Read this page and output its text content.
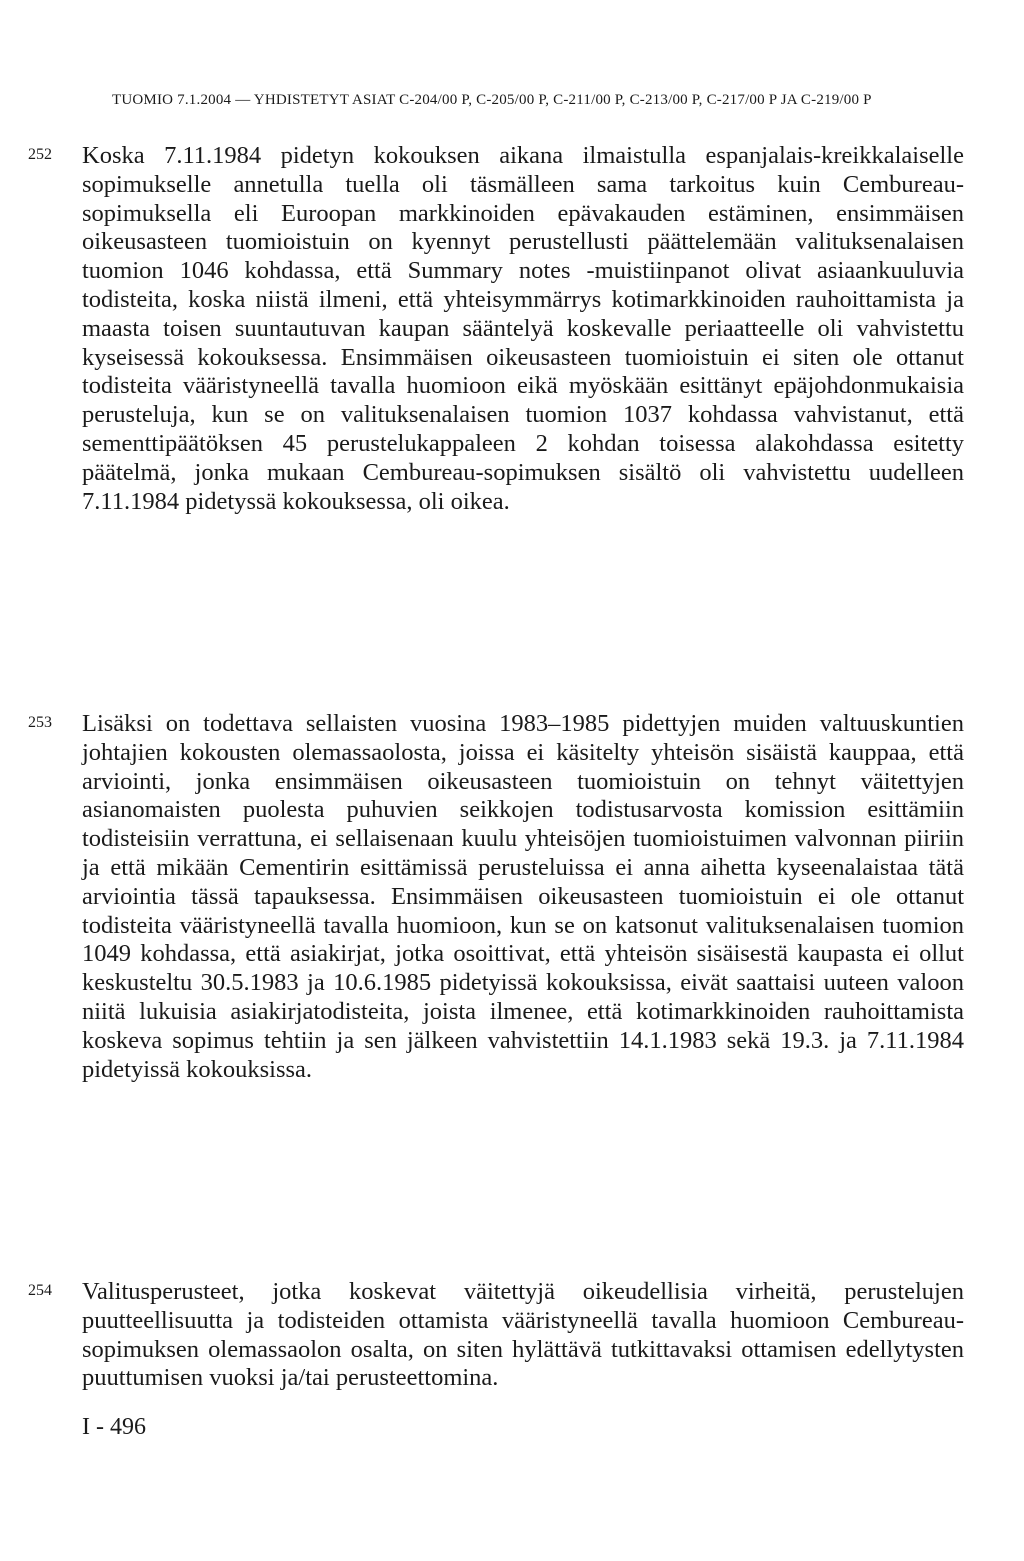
TUOMIO 7.1.2004 — YHDISTETYT ASIAT C-204/00 P, C-205/00 P, C-211/00 P, C-213/00 P, C-217/00 P JA C-219/00 P
252	Koska 7.11.1984 pidetyn kokouksen aikana ilmaistulla espanjalais-kreikkalaiselle sopimukselle annetulla tuella oli täsmälleen sama tarkoitus kuin Cembureau-sopimuksella eli Euroopan markkinoiden epävakauden estäminen, ensimmäisen oikeusasteen tuomioistuin on kyennyt perustellusti päättelemään valituksenalaisen tuomion 1046 kohdassa, että Summary notes -muistiinpanot olivat asiaankuuluvia todisteita, koska niistä ilmeni, että yhteisymmärrys kotimarkkinoiden rauhoittamista ja maasta toisen suuntautuvan kaupan sääntelyä koskevalle periaatteelle oli vahvistettu kyseisessä kokouksessa. Ensimmäisen oikeusasteen tuomioistuin ei siten ole ottanut todisteita vääristyneellä tavalla huomioon eikä myöskään esittänyt epäjohdonmukaisia perusteluja, kun se on valituksenalaisen tuomion 1037 kohdassa vahvistanut, että sementtipäätöksen 45 perustelukappaleen 2 kohdan toisessa alakohdassa esitetty päätelmä, jonka mukaan Cembureau-sopimuksen sisältö oli vahvistettu uudelleen 7.11.1984 pidetyssä kokouksessa, oli oikea.

253	Lisäksi on todettava sellaisten vuosina 1983–1985 pidettyjen muiden valtuuskuntien johtajien kokousten olemassaolosta, joissa ei käsitelty yhteisön sisäistä kauppaa, että arviointi, jonka ensimmäisen oikeusasteen tuomioistuin on tehnyt väitettyjen asianomaisten puolesta puhuvien seikkojen todistusarvosta komission esittämiin todisteisiin verrattuna, ei sellaisenaan kuulu yhteisöjen tuomioistuimen valvonnan piiriin ja että mikään Cementirin esittämissä perusteluissa ei anna aihetta kyseenalaistaa tätä arviointia tässä tapauksessa. Ensimmäisen oikeusasteen tuomioistuin ei ole ottanut todisteita vääristyneellä tavalla huomioon, kun se on katsonut valituksenalaisen tuomion 1049 kohdassa, että asiakirjat, jotka osoittivat, että yhteisön sisäisestä kaupasta ei ollut keskusteltu 30.5.1983 ja 10.6.1985 pidetyissä kokouksissa, eivät saattaisi uuteen valoon niitä lukuisia asiakirjatodisteita, joista ilmenee, että kotimarkkinoiden rauhoittamista koskeva sopimus tehtiin ja sen jälkeen vahvistettiin 14.1.1983 sekä 19.3. ja 7.11.1984 pidetyissä kokouksissa.

254	Valitusperusteet, jotka koskevat väitettyjä oikeudellisia virheitä, perustelujen puutteellisuutta ja todisteiden ottamista vääristyneellä tavalla huomioon Cembureau-sopimuksen olemassaolon osalta, on siten hylättävä tutkittavaksi ottamisen edellytysten puuttumisen vuoksi ja/tai perusteettomina.

I - 496
